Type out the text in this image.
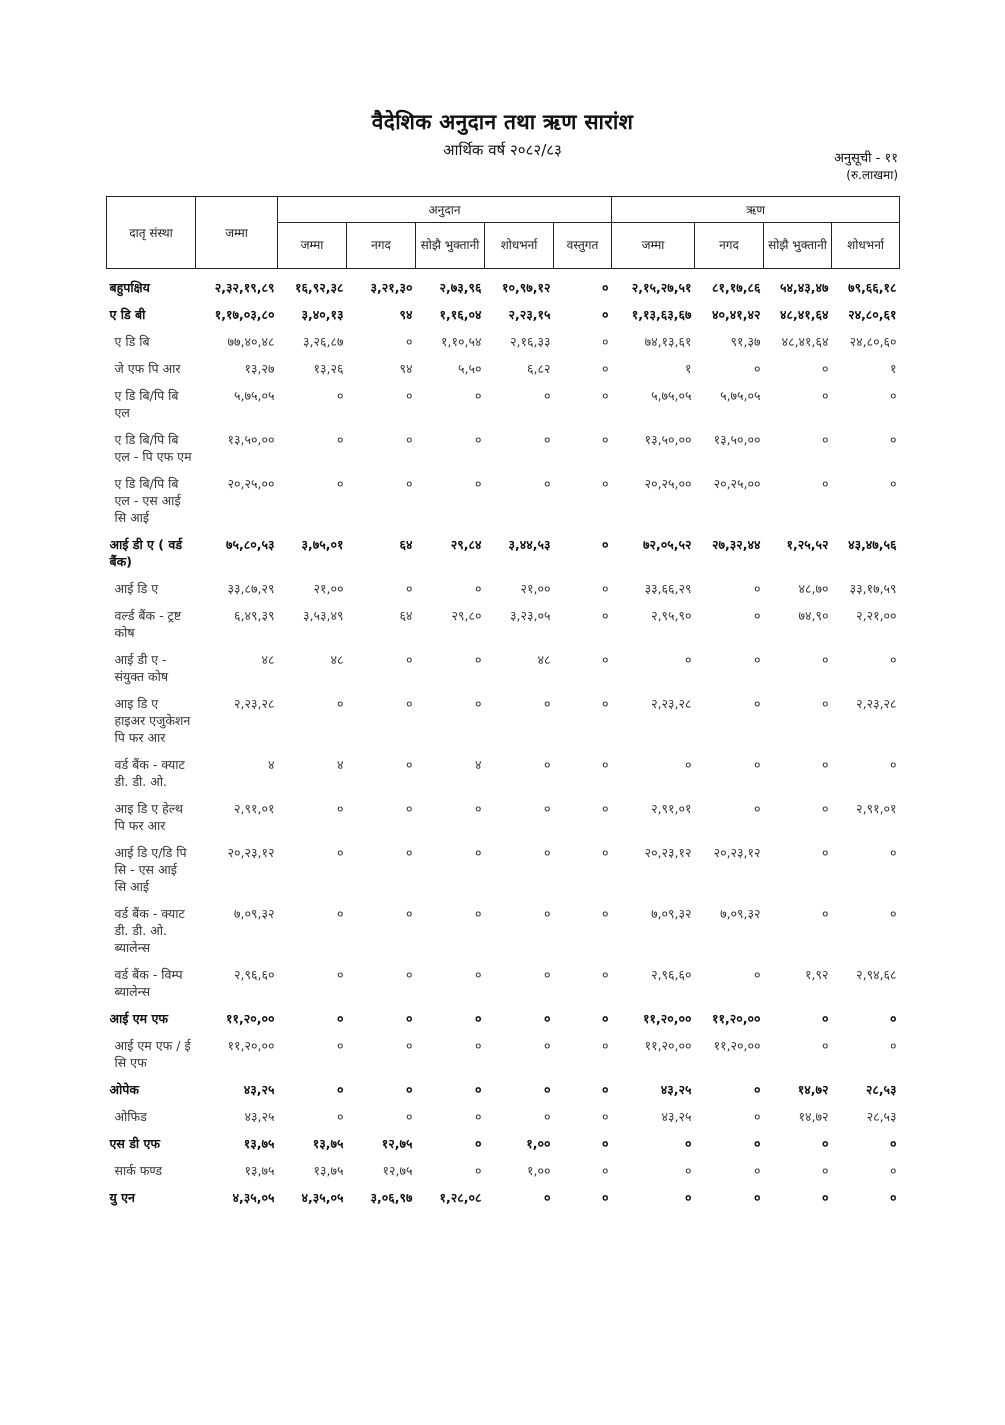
वैदेशिक अनुदान तथा ऋण सारांश
आर्थिक वर्ष २०८२/८३	अनुसूची - ११
(रु.लाखमा)
दातृ संस्था	जम्मा	अनुदान					ऋण			
		जम्मा	नगद	सोझै भुक्तानी	शोधभर्ना	वस्तुगत	जम्मा	नगद	सोझै भुक्तानी	शोधभर्ना

बहुपक्षिय	२,३२,१९,८९	१६,९२,३८	३,२१,३०	२,७३,९६	१०,९७,१२	०	२,१५,२७,५१	८१,१७,८६	५४,४३,४७	७९,६६,१८
ए डि बी	१,१७,०३,८०	३,४०,१३	९४	१,१६,०४	२,२३,१५	०	१,१३,६३,६७	४०,४१,४२	४८,४१,६४	२४,८०,६१
ए डि बि	७७,४०,४८	३,२६,८७	०	१,१०,५४	२,१६,३३	०	७४,१३,६१	९१,३७	४८,४१,६४	२४,८०,६०
जे एफ पि आर	१३,२७	१३,२६	९४	५,५०	६,८२	०	१	०	०	१
ए डि बि/पि बि एल	५,७५,०५	०	०	०	०	०	५,७५,०५	५,७५,०५	०	०
ए डि बि/पि बि एल - पि एफ एम	१३,५०,००	०	०	०	०	०	१३,५०,००	१३,५०,००	०	०
ए डि बि/पि बि एल - एस आई सि आई	२०,२५,००	०	०	०	०	०	२०,२५,००	२०,२५,००	०	०
आई डी ए ( वर्ड बैंक)	७५,८०,५३	३,७५,०१	६४	२९,८४	३,४४,५३	०	७२,०५,५२	२७,३२,४४	१,२५,५२	४३,४७,५६
आई डि ए	३३,८७,२९	२१,००	०	०	२१,००	०	३३,६६,२९	०	४८,७०	३३,१७,५९
वर्ल्ड बैंक - ट्रष्ट कोष	६,४९,३९	३,५३,४९	६४	२९,८०	३,२३,०५	०	२,९५,९०	०	७४,९०	२,२१,००
आई डी ए - संयुक्त कोष	४८	४८	०	०	४८	०	०	०	०	०
आइ डि ए हाइअर एजुकेशन पि फर आर	२,२३,२८	०	०	०	०	०	२,२३,२८	०	०	२,२३,२८
वर्ड बैंक - क्याट डी. डी. ओ.	४	४	०	४	०	०	०	०	०	०
आइ डि ए हेल्थ पि फर आर	२,९१,०१	०	०	०	०	०	२,९१,०१	०	०	२,९१,०१
आई डि ए/डि पि सि - एस आई सि आई	२०,२३,१२	०	०	०	०	०	२०,२३,१२	२०,२३,१२	०	०
वर्ड बैंक - क्याट डी. डी. ओ. ब्यालेन्स	७,०९,३२	०	०	०	०	०	७,०९,३२	७,०९,३२	०	०
वर्ड बैंक - विम्प ब्यालेन्स	२,९६,६०	०	०	०	०	०	२,९६,६०	०	१,९२	२,९४,६८
आई एम एफ	११,२०,००	०	०	०	०	०	११,२०,००	११,२०,००	०	०
आई एम एफ / ई सि एफ	११,२०,००	०	०	०	०	०	११,२०,००	११,२०,००	०	०
ओपेक	४३,२५	०	०	०	०	०	४३,२५	०	१४,७२	२८,५३
ओफिड	४३,२५	०	०	०	०	०	४३,२५	०	१४,७२	२८,५३
एस डी एफ	१३,७५	१३,७५	१२,७५	०	१,००	०	०	०	०	०
सार्क फण्ड	१३,७५	१३,७५	१२,७५	०	१,००	०	०	०	०	०
यु एन	४,३५,०५	४,३५,०५	३,०६,९७	१,२८,०८	०	०	०	०	०	०
